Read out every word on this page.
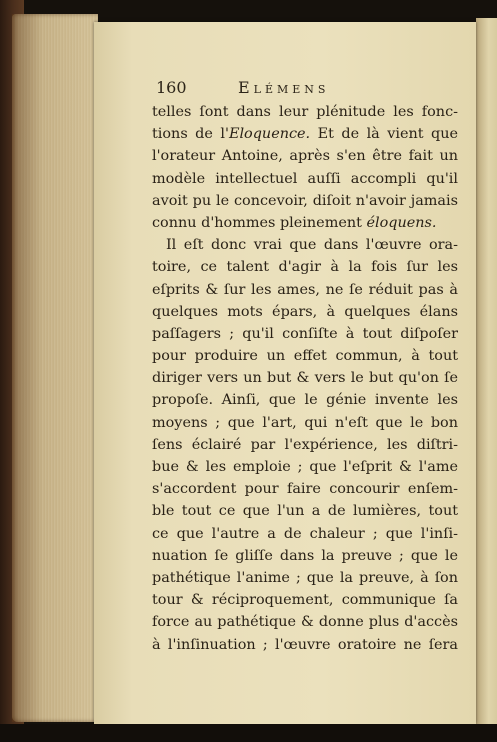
160	Elémens
telles ſont dans leur plénitude les fonc-
tions de l'Eloquence. Et de là vient que
l'orateur Antoine, après s'en être fait un
modèle intellectuel auſſi accompli qu'il
avoit pu le concevoir, diſoit n'avoir jamais
connu d'hommes pleinement éloquens.
Il eſt donc vrai que dans l'œuvre ora-
toire, ce talent d'agir à la fois ſur les
eſprits & ſur les ames, ne ſe réduit pas à
quelques mots épars, à quelques élans
paſſagers ; qu'il conſiſte à tout diſpoſer
pour produire un effet commun, à tout
diriger vers un but & vers le but qu'on ſe
propoſe. Ainſi, que le génie invente les
moyens ; que l'art, qui n'eſt que le bon
ſens éclairé par l'expérience, les diſtri-
bue & les emploie ; que l'eſprit & l'ame
s'accordent pour faire concourir enſem-
ble tout ce que l'un a de lumières, tout
ce que l'autre a de chaleur ; que l'inſi-
nuation ſe gliſſe dans la preuve ; que le
pathétique l'anime ; que la preuve, à ſon
tour & réciproquement, communique ſa
force au pathétique & donne plus d'accès
à l'inſinuation ; l'œuvre oratoire ne ſera
